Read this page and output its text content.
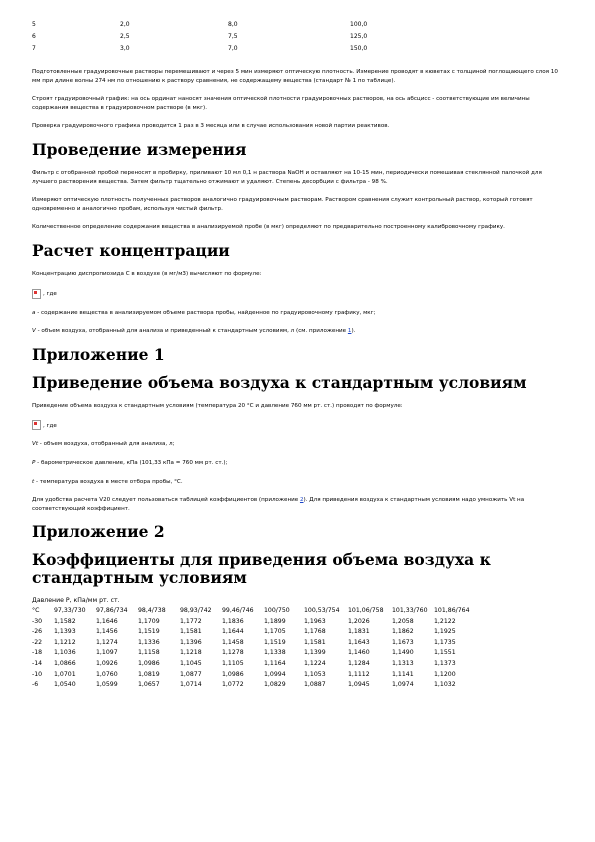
5	2,0	8,0	100,0
6	2,5	7,5	125,0
7	3,0	7,0	150,0

Подготовленные градуировочные растворы перемешивают и через 5 мин измеряют оптическую плотность. Измерение проводят в кюветах с толщиной поглощающего слоя 10 мм при длине волны 274 нм по отношению к раствору сравнения, не содержащему вещества (стандарт № 1 по таблице).

Строят градуировочный график: на ось ординат наносят значения оптической плотности градуировочных растворов, на ось абсцисс - соответствующие им величины содержания вещества в градуировочном растворе (в мкг).

Проверка градуировочного графика проводится 1 раз в 3 месяца или в случае использования новой партии реактивов.

Проведение измерения

Фильтр с отобранной пробой переносят в пробирку, приливают 10 мл 0,1 н раствора NaOH и оставляют на 10-15 мин, периодически помешивая стеклянной палочкой для лучшего растворения вещества. Затем фильтр тщательно отжимают и удаляют. Степень десорбции с фильтра - 98 %.

Измеряют оптическую плотность полученных растворов аналогично градуировочным растворам. Раствором сравнения служит контрольный раствор, который готовят одновременно и аналогично пробам, используя чистый фильтр.

Количественное определение содержания вещества в анализируемой пробе (в мкг) определяют по предварительно построенному калибровочному графику.

Расчет концентрации

Концентрацию диспропиозида С в воздухе (в мг/м3) вычисляют по формуле:

, где

а - содержание вещества в анализируемом объеме раствора пробы, найденное по градуировочному графику, мкг;

V - объем воздуха, отобранный для анализа и приведенный к стандартным условиям, л (см. приложение 1).

Приложение 1
Приведение объема воздуха к стандартным условиям

Приведение объема воздуха к стандартным условиям (температура 20 °С и давление 760 мм рт. ст.) проводят по формуле:

, где

Vt - объем воздуха, отобранный для анализа, л;

Р - барометрическое давление, кПа (101,33 кПа = 760 мм рт. ст.);

t - температура воздуха в месте отбора пробы, °С.

Для удобства расчета V20 следует пользоваться таблицей коэффициентов (приложение 2). Для приведения воздуха к стандартным условиям надо умножить Vt на соответствующий коэффициент.

Приложение 2
Коэффициенты для приведения объема воздуха к стандартным условиям
Давление Р, кПа/мм рт. ст.
°С	97,33/730	97,86/734	98,4/738	98,93/742	99,46/746	100/750	100,53/754	101,06/758	101,33/760	101,86/764
-30	1,1582	1,1646	1,1709	1,1772	1,1836	1,1899	1,1963	1,2026	1,2058	1,2122
-26	1,1393	1,1456	1,1519	1,1581	1,1644	1,1705	1,1768	1,1831	1,1862	1,1925
-22	1,1212	1,1274	1,1336	1,1396	1,1458	1,1519	1,1581	1,1643	1,1673	1,1735
-18	1,1036	1,1097	1,1158	1,1218	1,1278	1,1338	1,1399	1,1460	1,1490	1,1551
-14	1,0866	1,0926	1,0986	1,1045	1,1105	1,1164	1,1224	1,1284	1,1313	1,1373
-10	1,0701	1,0760	1,0819	1,0877	1,0986	1,0994	1,1053	1,1112	1,1141	1,1200
-6	1,0540	1,0599	1,0657	1,0714	1,0772	1,0829	1,0887	1,0945	1,0974	1,1032
